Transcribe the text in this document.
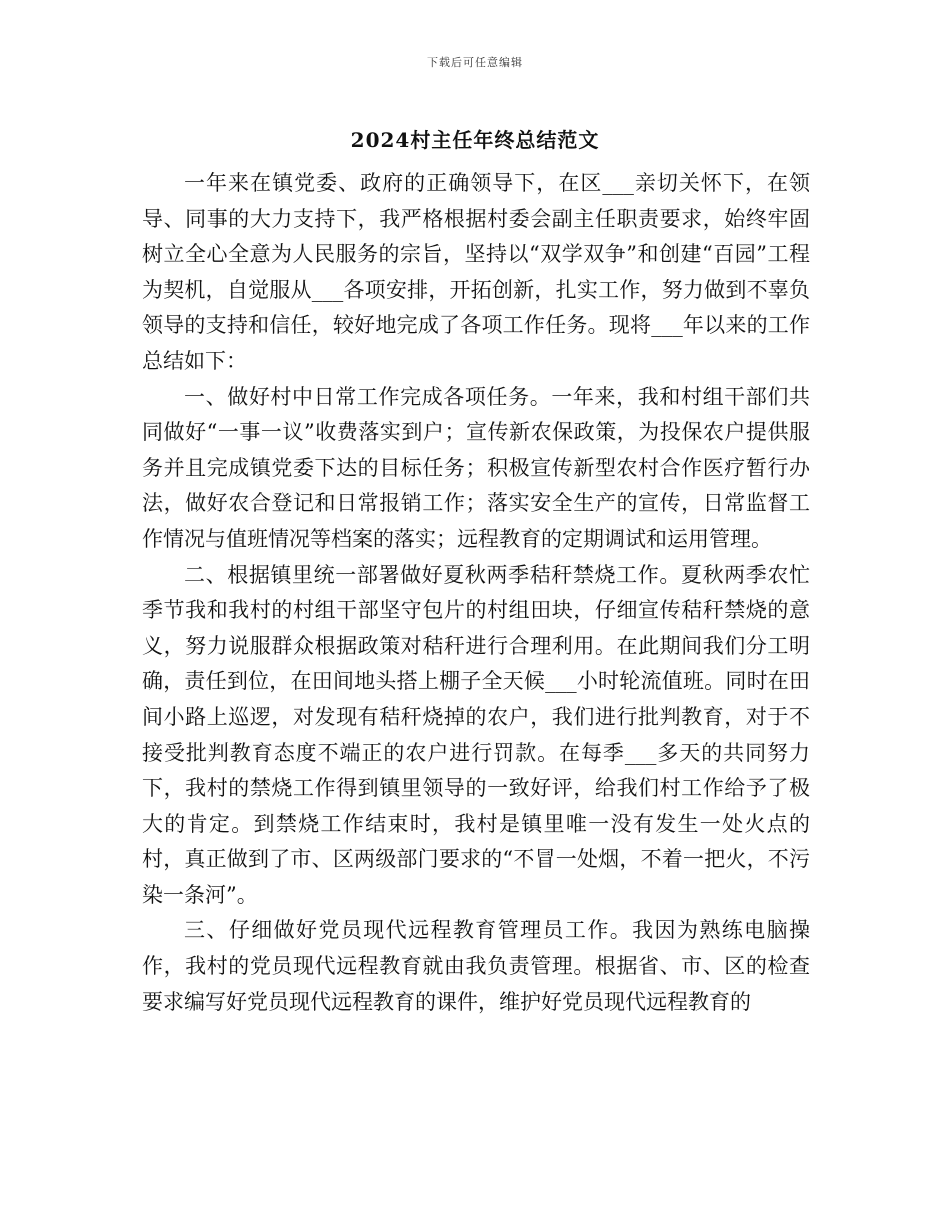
下载后可任意编辑
2024村主任年终总结范文

一年来在镇党委、政府的正确领导下，在区___亲切关怀下，在领导、同事的大力支持下，我严格根据村委会副主任职责要求，始终牢固树立全心全意为人民服务的宗旨，坚持以“双学双争”和创建“百园”工程为契机，自觉服从___各项安排，开拓创新，扎实工作，努力做到不辜负领导的支持和信任，较好地完成了各项工作任务。现将___年以来的工作总结如下：

一、做好村中日常工作完成各项任务。一年来，我和村组干部们共同做好“一事一议”收费落实到户；宣传新农保政策，为投保农户提供服务并且完成镇党委下达的目标任务；积极宣传新型农村合作医疗暂行办法，做好农合登记和日常报销工作；落实安全生产的宣传，日常监督工作情况与值班情况等档案的落实；远程教育的定期调试和运用管理。

二、根据镇里统一部署做好夏秋两季秸秆禁烧工作。夏秋两季农忙季节我和我村的村组干部坚守包片的村组田块，仔细宣传秸秆禁烧的意义，努力说服群众根据政策对秸秆进行合理利用。在此期间我们分工明确，责任到位，在田间地头搭上棚子全天候___小时轮流值班。同时在田间小路上巡逻，对发现有秸秆烧掉的农户，我们进行批判教育，对于不接受批判教育态度不端正的农户进行罚款。在每季___多天的共同努力下，我村的禁烧工作得到镇里领导的一致好评，给我们村工作给予了极大的肯定。到禁烧工作结束时，我村是镇里唯一没有发生一处火点的村，真正做到了市、区两级部门要求的“不冒一处烟，不着一把火，不污染一条河”。

三、仔细做好党员现代远程教育管理员工作。我因为熟练电脑操作，我村的党员现代远程教育就由我负责管理。根据省、市、区的检查要求编写好党员现代远程教育的课件，维护好党员现代远程教育的
